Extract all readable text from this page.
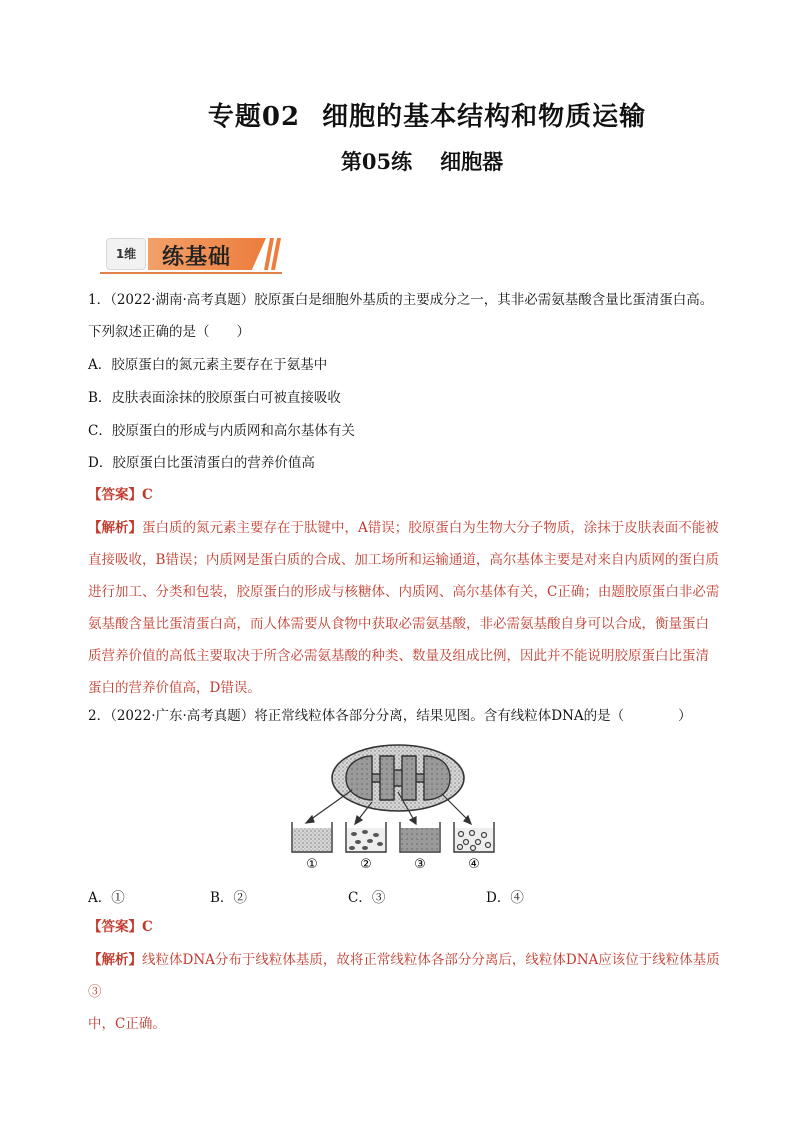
专题02 细胞的基本结构和物质运输
第05练 细胞器
1维	练基础
1．（2022·湖南·高考真题）胶原蛋白是细胞外基质的主要成分之一，其非必需氨基酸含量比蛋清蛋白高。
下列叙述正确的是（　　）
A．胶原蛋白的氮元素主要存在于氨基中
B．皮肤表面涂抹的胶原蛋白可被直接吸收
C．胶原蛋白的形成与内质网和高尔基体有关
D．胶原蛋白比蛋清蛋白的营养价值高
【答案】C
【解析】蛋白质的氮元素主要存在于肽键中，A错误；胶原蛋白为生物大分子物质，涂抹于皮肤表面不能被
直接吸收，B错误；内质网是蛋白质的合成、加工场所和运输通道，高尔基体主要是对来自内质网的蛋白质
进行加工、分类和包装，胶原蛋白的形成与核糖体、内质网、高尔基体有关，C正确；由题胶原蛋白非必需
氨基酸含量比蛋清蛋白高，而人体需要从食物中获取必需氨基酸，非必需氨基酸自身可以合成，衡量蛋白
质营养价值的高低主要取决于所含必需氨基酸的种类、数量及组成比例，因此并不能说明胶原蛋白比蛋清
蛋白的营养价值高，D错误。
2．（2022·广东·高考真题）将正常线粒体各部分分离，结果见图。含有线粒体DNA的是（　　　　）
【答案】C
【解析】线粒体DNA分布于线粒体基质，故将正常线粒体各部分分离后，线粒体DNA应该位于线粒体基质③
中，C正确。
①	②	③	④
A．①	B．②	C．③	D．④
